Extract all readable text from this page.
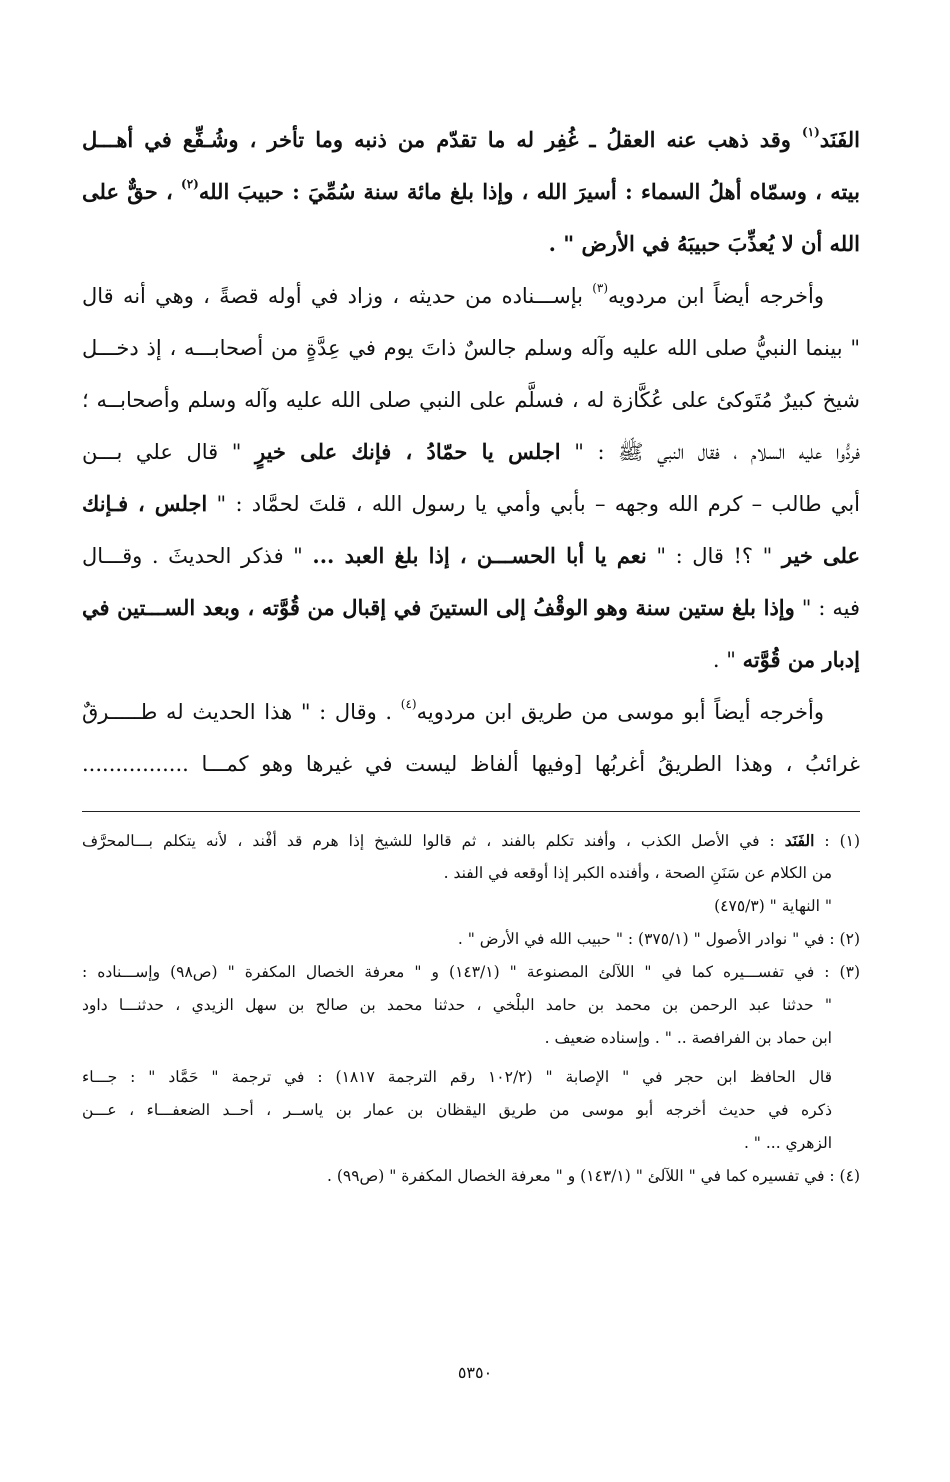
الفَنَد$^{(١)}$ وقد ذهب عنه العقلُ ـ غُفِر له ما تقدّم من ذنبه وما تأخر ، وشُـفِّع في أهـــل
بيته ، وسمّاه أهلُ السماء : أسيرَ الله ، وإذا بلغ مائة سنة سُمِّيَ : حبيبَ الله$^{(٢)}$ ، حقٌّ على
الله أن لا يُعذِّبَ حبيبَهُ في الأرض " .
وأخرجه أيضاً ابن مردويه$^{(٣)}$ بإســـناده من حديثه ، وزاد في أوله قصةً ، وهي أنه قال
" بينما النبيُّ صلى الله عليه وآله وسلم جالسٌ ذاتَ يوم في عِدَّةٍ من أصحابـــه ، إذ دخـــل
شيخ كبيرٌ مُتَوكئ على عُكَّازة له ، فسلَّم على النبي صلى الله عليه وآله وسلم وأصحابــه ؛
فردُّوا عليه السلام ، فقال النبي ﷺ : " اجلس يا حمّادُ ، فإنك على خيرٍ " قال علي بـــن
أبي طالب – كرم الله وجهه – بأبي وأمي يا رسول الله ، قلتَ لحمَّاد : " اجلس ، فـإنك
على خير " ؟! قال : " نعم يا أبا الحســـن ، إذا بلغ العبد ... " فذكر الحديثَ . وقـــال
فيه : " وإذا بلغ ستين سنة وهو الوقْفُ إلى الستينَ في إقبال من قُوَّته ، وبعد الســـتين في
إدبار من قُوَّته " .
وأخرجه أيضاً أبو موسى من طريق ابن مردويه$^{(٤)}$ . وقال : " هذا الحديث له طـــــرقٌ
غرائبُ ، وهذا الطريقُ أغربُها [وفيها ألفاظ ليست في غيرها وهو كمـــا ................
(١) : الفَنَد : في الأصل الكذب ، وأفند تكلم بالفند ، ثم قالوا للشيخ إذا هرم قد أفْند ، لأنه يتكلم بـــالمحرَّف
من الكلام عن سَنَنِ الصحة ، وأفنده الكبر إذا أوقعه في الفند .
" النهاية " (٤٧٥/٣)
(٢) : في " نوادر الأصول " (٣٧٥/١) : " حبيب الله في الأرض " .
(٣) : في تفســـيره كما في " اللآلئ المصنوعة " (١٤٣/١) و " معرفة الخصال المكفرة " (ص٩٨) وإســـناده :
" حدثنا عبد الرحمن بن محمد بن حامد البلْخي ، حدثنا محمد بن صالح بن سهل الزيدي ، حدثنـــا داود
ابن حماد بن الفرافصة .. " . وإسناده ضعيف .
قال الحافظ ابن حجر في " الإصابة " (١٠٢/٢ رقم الترجمة ١٨١٧) : في ترجمة " حَمَّاد " : جـــاء
ذكره في حديث أخرجه أبو موسى من طريق اليقظان بن عمار بن ياســر ، أحــد الضعفـــاء ، عـــن
الزهري ... " .
(٤) : في تفسيره كما في " اللآلئ " (١٤٣/١) و " معرفة الخصال المكفرة " (ص٩٩) .
٥٣٥٠
